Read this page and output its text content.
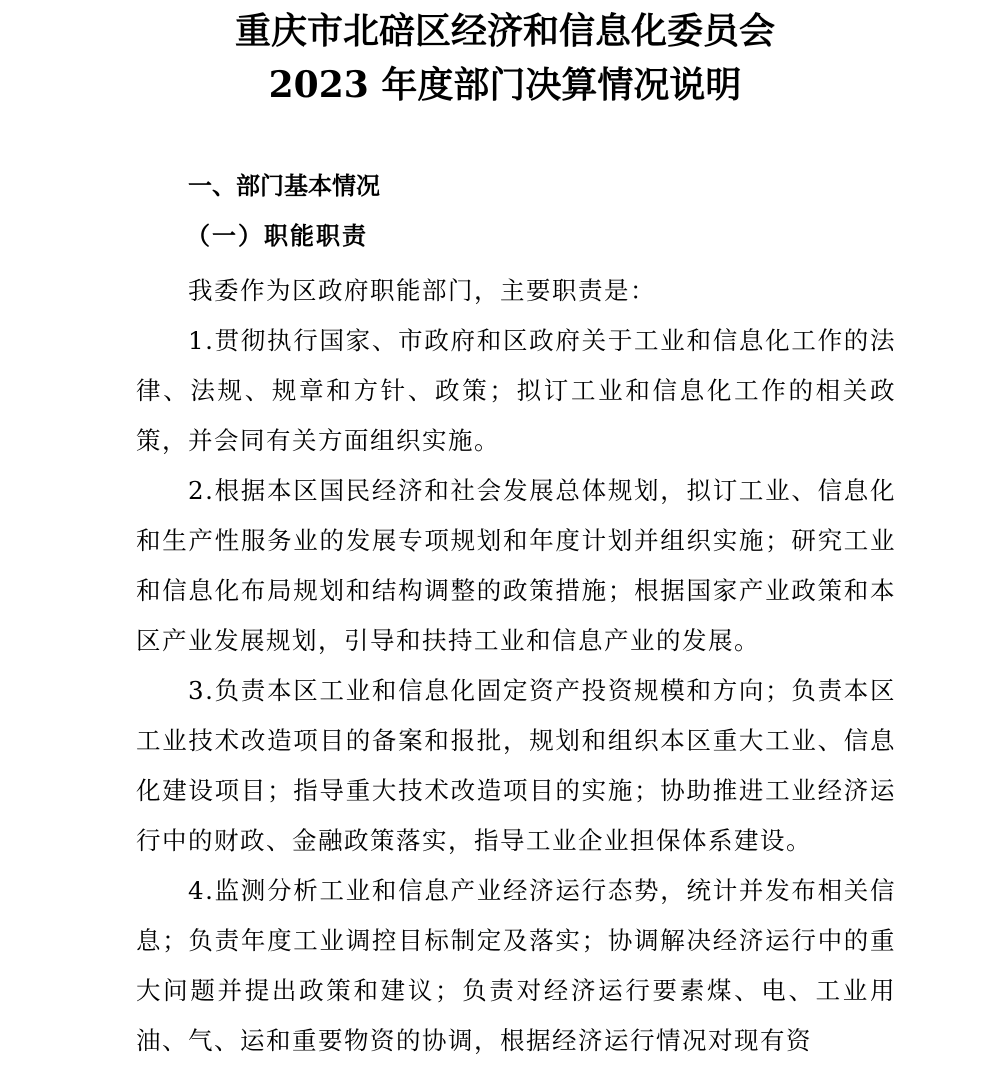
重庆市北碚区经济和信息化委员会
2023 年度部门决算情况说明
一、部门基本情况
（一）职能职责

我委作为区政府职能部门，主要职责是：

1.贯彻执行国家、市政府和区政府关于工业和信息化工作的法律、法规、规章和方针、政策；拟订工业和信息化工作的相关政策，并会同有关方面组织实施。

2.根据本区国民经济和社会发展总体规划，拟订工业、信息化和生产性服务业的发展专项规划和年度计划并组织实施；研究工业和信息化布局规划和结构调整的政策措施；根据国家产业政策和本区产业发展规划，引导和扶持工业和信息产业的发展。

3.负责本区工业和信息化固定资产投资规模和方向；负责本区工业技术改造项目的备案和报批，规划和组织本区重大工业、信息化建设项目；指导重大技术改造项目的实施；协助推进工业经济运行中的财政、金融政策落实，指导工业企业担保体系建设。

4.监测分析工业和信息产业经济运行态势，统计并发布相关信息；负责年度工业调控目标制定及落实；协调解决经济运行中的重大问题并提出政策和建议；负责对经济运行要素煤、电、工业用油、气、运和重要物资的协调，根据经济运行情况对现有资
